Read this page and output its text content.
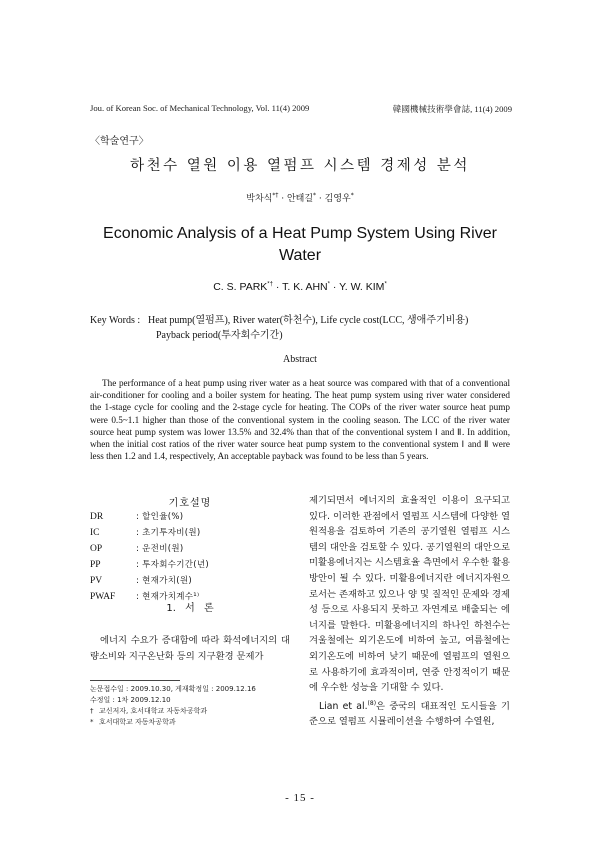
Jou. of Korean Soc. of Mechanical Technology, Vol. 11(4) 2009	韓國機械技術學會誌, 11(4) 2009
〈학술연구〉
하천수 열원 이용 열펌프 시스템 경제성 분석
박차식*† · 안태길* · 김영우*
Economic Analysis of a Heat Pump System Using River Water
C. S. PARK*† · T. K. AHN* · Y. W. KIM*
Key Words : Heat pump(열펌프), River water(하천수), Life cycle cost(LCC, 생애주기비용)
Payback period(투자회수기간)
Abstract
The performance of a heat pump using river water as a heat source was compared with that of a conventional air-conditioner for cooling and a boiler system for heating. The heat pump system using river water considered the 1-stage cycle for cooling and the 2-stage cycle for heating. The COPs of the river water source heat pump were 0.5~1.1 higher than those of the conventional system in the cooling season. The LCC of the river water source heat pump system was lower 13.5% and 32.4% than that of the conventional system Ⅰ and Ⅱ. In addition, when the initial cost ratios of the river water source heat pump system to the conventional system Ⅰ and Ⅱ were less then 1.2 and 1.4, respectively, An acceptable payback was found to be less than 5 years.
기호설명
DR	: 할인율(%)
IC	: 초기투자비(원)
OP	: 운전비(원)
PP	: 투자회수기간(년)
PV	: 현재가치(원)
PWAF : 현재가치계수¹⁾
1. 서 론
에너지 수요가 증대함에 따라 화석에너지의 대량소비와 지구온난화 등의 지구환경 문제가
논문접수일 : 2009.10.30, 게재확정일 : 2009.12.16
수정일 : 1차 2009.12.10
† 교신저자, 호서대학교 자동차공학과
* 호서대학교 자동차공학과

제기되면서 에너지의 효율적인 이용이 요구되고 있다. 이러한 관점에서 열펌프 시스템에 다양한 열원적용을 검토하여 기존의 공기열원 열펌프 시스템의 대안을 검토할 수 있다. 공기열원의 대안으로 미활용에너지는 시스템효율 측면에서 우수한 활용 방안이 될 수 있다. 미활용에너지란 에너지자원으로서는 존재하고 있으나 양 및 질적인 문제와 경제성 등으로 사용되지 못하고 자연계로 배출되는 에너지를 말한다. 미활용에너지의 하나인 하천수는 겨울철에는 외기온도에 비하여 높고, 여름철에는 외기온도에 비하여 낮기 때문에 열펌프의 열원으로 사용하기에 효과적이며, 연중 안정적이기 때문에 우수한 성능을 기대할 수 있다.

Lian et al.$^{(8)}$은 중국의 대표적인 도시들을 기준으로 열펌프 시뮬레이션을 수행하여 수열원,

- 15 -
